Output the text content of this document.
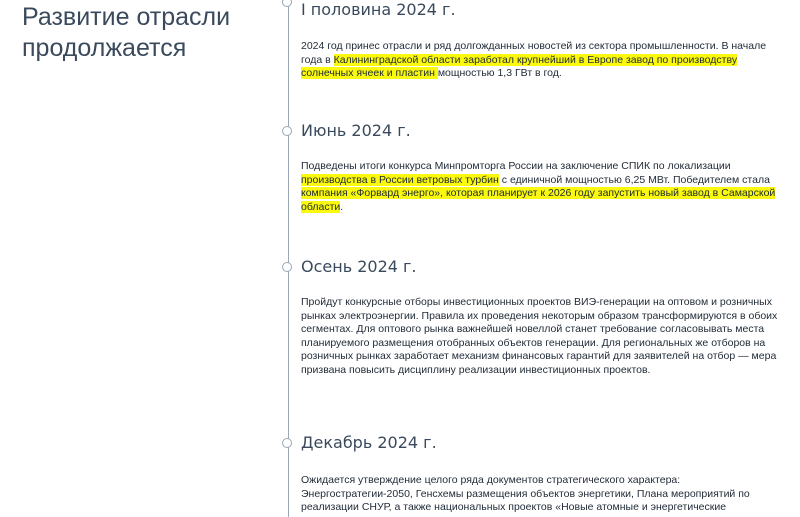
Развитие отрасли продолжается
I половина 2024 г.
2024 год принес отрасли и ряд долгожданных новостей из сектора промышленности. В начале года в Калининградской области заработал крупнейший в Европе завод по производству солнечных ячеек и пластин мощностью 1,3 ГВт в год.
Июнь 2024 г.
Подведены итоги конкурса Минпромторга России на заключение СПИК по локализации производства в России ветровых турбин с единичной мощностью 6,25 МВт. Победителем стала компания «Форвард энерго», которая планирует к 2026 году запустить новый завод в Самарской области.
Осень 2024 г.
Пройдут конкурсные отборы инвестиционных проектов ВИЭ-генерации на оптовом и розничных рынках электроэнергии. Правила их проведения некоторым образом трансформируются в обоих сегментах. Для оптового рынка важнейшей новеллой станет требование согласовывать места планируемого размещения отобранных объектов генерации. Для региональных же отборов на розничных рынках заработает механизм финансовых гарантий для заявителей на отбор — мера призвана повысить дисциплину реализации инвестиционных проектов.
Декабрь 2024 г.
Ожидается утверждение целого ряда документов стратегического характера: Энергостратегии-2050, Генсхемы размещения объектов энергетики, Плана мероприятий по реализации СНУР, а также национальных проектов «Новые атомные и энергетические
